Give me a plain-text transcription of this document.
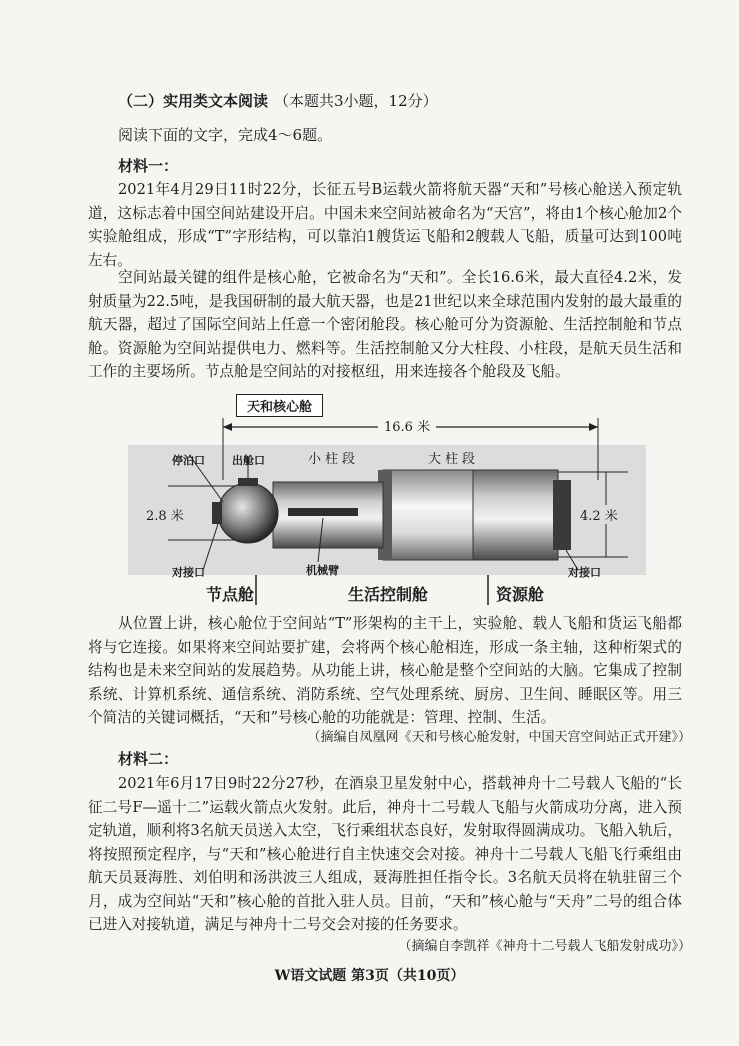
（二）实用类文本阅读 （本题共3小题，12分）
阅读下面的文字，完成4～6题。
材料一：

2021年4月29日11时22分，长征五号B运载火箭将航天器“天和”号核心舱送入预定轨道，这标志着中国空间站建设开启。中国未来空间站被命名为“天宫”，将由1个核心舱加2个实验舱组成，形成“T”字形结构，可以靠泊1艘货运飞船和2艘载人飞船，质量可达到100吨左右。

空间站最关键的组件是核心舱，它被命名为“天和”。全长16.6米，最大直径4.2米，发射质量为22.5吨，是我国研制的最大航天器，也是21世纪以来全球范围内发射的最大最重的航天器，超过了国际空间站上任意一个密闭舱段。核心舱可分为资源舱、生活控制舱和节点舱。资源舱为空间站提供电力、燃料等。生活控制舱又分大柱段、小柱段，是航天员生活和工作的主要场所。节点舱是空间站的对接枢纽，用来连接各个舱段及飞船。

天和核心舱
16.6 米
小柱段	大柱段
2.8 米	4.2 米
停泊口 出舱口
对接口	机械臂	对接口
节点舱	生活控制舱	资源舱

从位置上讲，核心舱位于空间站“T”形架构的主干上，实验舱、载人飞船和货运飞船都将与它连接。如果将来空间站要扩建，会将两个核心舱相连，形成一条主轴，这种桁架式的结构也是未来空间站的发展趋势。从功能上讲，核心舱是整个空间站的大脑。它集成了控制系统、计算机系统、通信系统、消防系统、空气处理系统、厨房、卫生间、睡眠区等。用三个简洁的关键词概括，“天和”号核心舱的功能就是：管理、控制、生活。

（摘编自凤凰网《天和号核心舱发射，中国天宫空间站正式开建》）
材料二：

2021年6月17日9时22分27秒，在酒泉卫星发射中心，搭载神舟十二号载人飞船的“长征二号F—遥十二”运载火箭点火发射。此后，神舟十二号载人飞船与火箭成功分离，进入预定轨道，顺利将3名航天员送入太空，飞行乘组状态良好，发射取得圆满成功。飞船入轨后，将按照预定程序，与“天和”核心舱进行自主快速交会对接。神舟十二号载人飞船飞行乘组由航天员聂海胜、刘伯明和汤洪波三人组成，聂海胜担任指令长。3名航天员将在轨驻留三个月，成为空间站“天和”核心舱的首批入驻人员。目前，“天和”核心舱与“天舟”二号的组合体已进入对接轨道，满足与神舟十二号交会对接的任务要求。

（摘编自李凯祥《神舟十二号载人飞船发射成功》）
W语文试题 第3页（共10页）
